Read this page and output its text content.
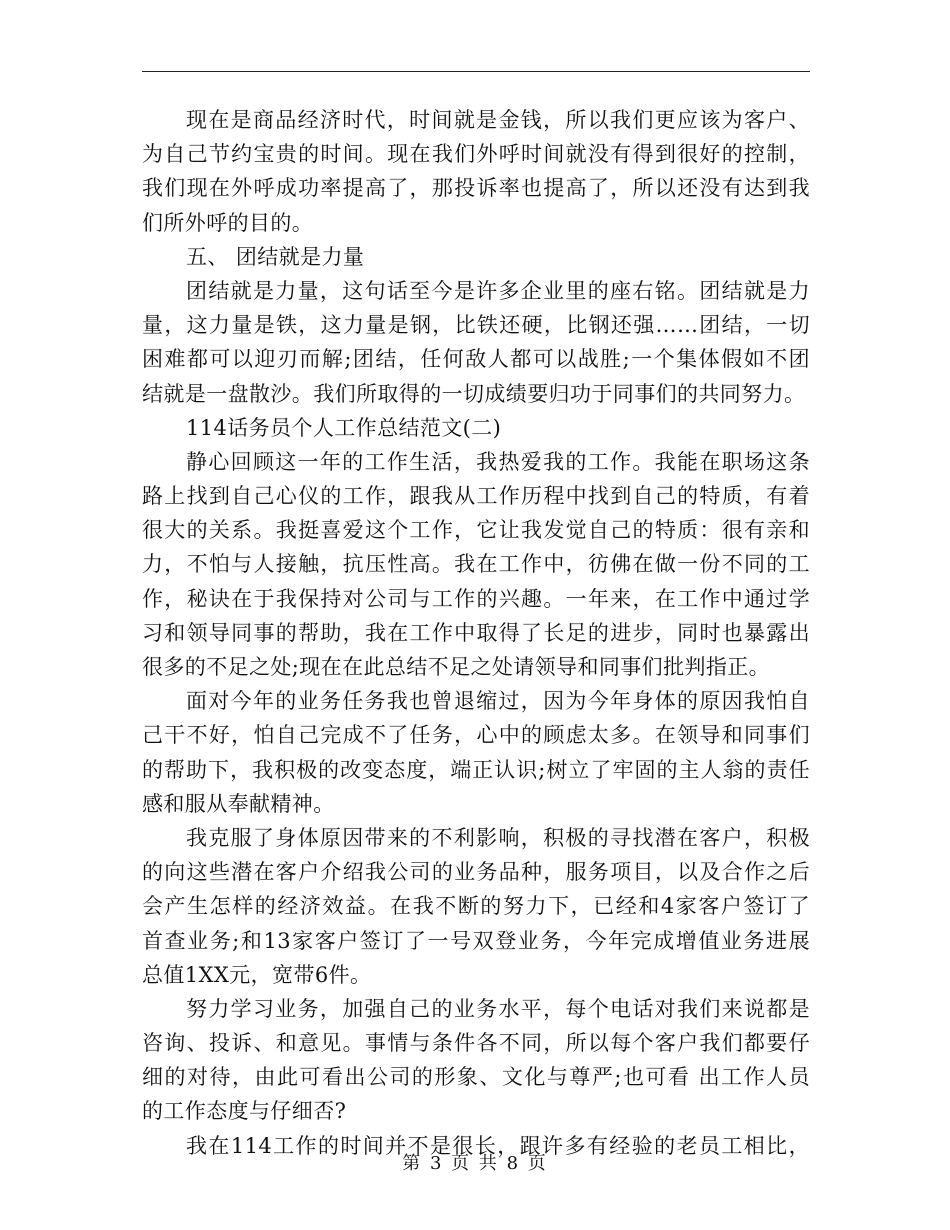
现在是商品经济时代，时间就是金钱，所以我们更应该为客户、
为自己节约宝贵的时间。现在我们外呼时间就没有得到很好的控制，
我们现在外呼成功率提高了，那投诉率也提高了，所以还没有达到我
们所外呼的目的。
五、 团结就是力量
团结就是力量，这句话至今是许多企业里的座右铭。团结就是力
量，这力量是铁，这力量是钢，比铁还硬，比钢还强……团结，一切
困难都可以迎刃而解;团结，任何敌人都可以战胜;一个集体假如不团
结就是一盘散沙。我们所取得的一切成绩要归功于同事们的共同努力。
114话务员个人工作总结范文(二)
静心回顾这一年的工作生活，我热爱我的工作。我能在职场这条
路上找到自己心仪的工作，跟我从工作历程中找到自己的特质，有着
很大的关系。我挺喜爱这个工作，它让我发觉自己的特质：很有亲和
力，不怕与人接触，抗压性高。我在工作中，彷佛在做一份不同的工
作，秘诀在于我保持对公司与工作的兴趣。一年来，在工作中通过学
习和领导同事的帮助，我在工作中取得了长足的进步，同时也暴露出
很多的不足之处;现在在此总结不足之处请领导和同事们批判指正。
面对今年的业务任务我也曾退缩过，因为今年身体的原因我怕自
己干不好，怕自己完成不了任务，心中的顾虑太多。在领导和同事们
的帮助下，我积极的改变态度，端正认识;树立了牢固的主人翁的责任
感和服从奉献精神。
我克服了身体原因带来的不利影响，积极的寻找潜在客户，积极
的向这些潜在客户介绍我公司的业务品种，服务项目，以及合作之后
会产生怎样的经济效益。在我不断的努力下，已经和4家客户签订了
首查业务;和13家客户签订了一号双登业务，今年完成增值业务进展
总值1XX元，宽带6件。
努力学习业务，加强自己的业务水平，每个电话对我们来说都是
咨询、投诉、和意见。事情与条件各不同，所以每个客户我们都要仔
细的对待，由此可看出公司的形象、文化与尊严;也可看 出工作人员
的工作态度与仔细否?
我在114工作的时间并不是很长，跟许多有经验的老员工相比，
第 3 页 共 8 页
